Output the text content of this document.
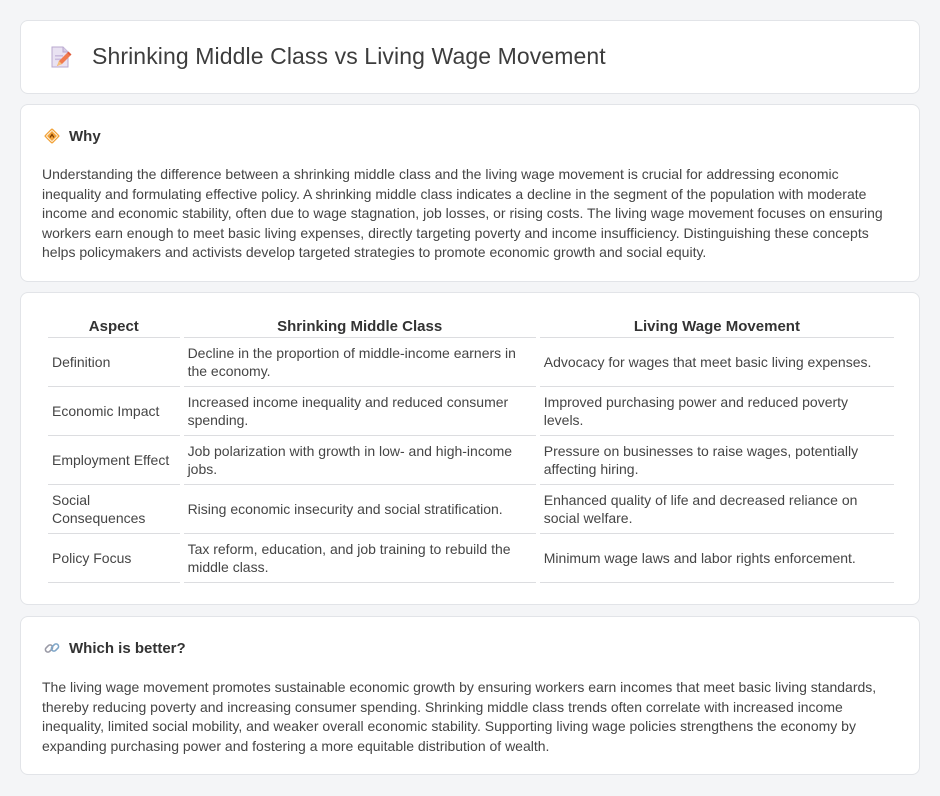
Shrinking Middle Class vs Living Wage Movement
Why

Understanding the difference between a shrinking middle class and the living wage movement is crucial for addressing economic inequality and formulating effective policy. A shrinking middle class indicates a decline in the segment of the population with moderate income and economic stability, often due to wage stagnation, job losses, or rising costs. The living wage movement focuses on ensuring workers earn enough to meet basic living expenses, directly targeting poverty and income insufficiency. Distinguishing these concepts helps policymakers and activists develop targeted strategies to promote economic growth and social equity.

Aspect	Shrinking Middle Class	Living Wage Movement
Definition	Decline in the proportion of middle-income earners in the economy.	Advocacy for wages that meet basic living expenses.
Economic Impact	Increased income inequality and reduced consumer spending.	Improved purchasing power and reduced poverty levels.
Employment Effect	Job polarization with growth in low- and high-income jobs.	Pressure on businesses to raise wages, potentially affecting hiring.
Social Consequences	Rising economic insecurity and social stratification.	Enhanced quality of life and decreased reliance on social welfare.
Policy Focus	Tax reform, education, and job training to rebuild the middle class.	Minimum wage laws and labor rights enforcement.
Which is better?

The living wage movement promotes sustainable economic growth by ensuring workers earn incomes that meet basic living standards, thereby reducing poverty and increasing consumer spending. Shrinking middle class trends often correlate with increased income inequality, limited social mobility, and weaker overall economic stability. Supporting living wage policies strengthens the economy by expanding purchasing power and fostering a more equitable distribution of wealth.
